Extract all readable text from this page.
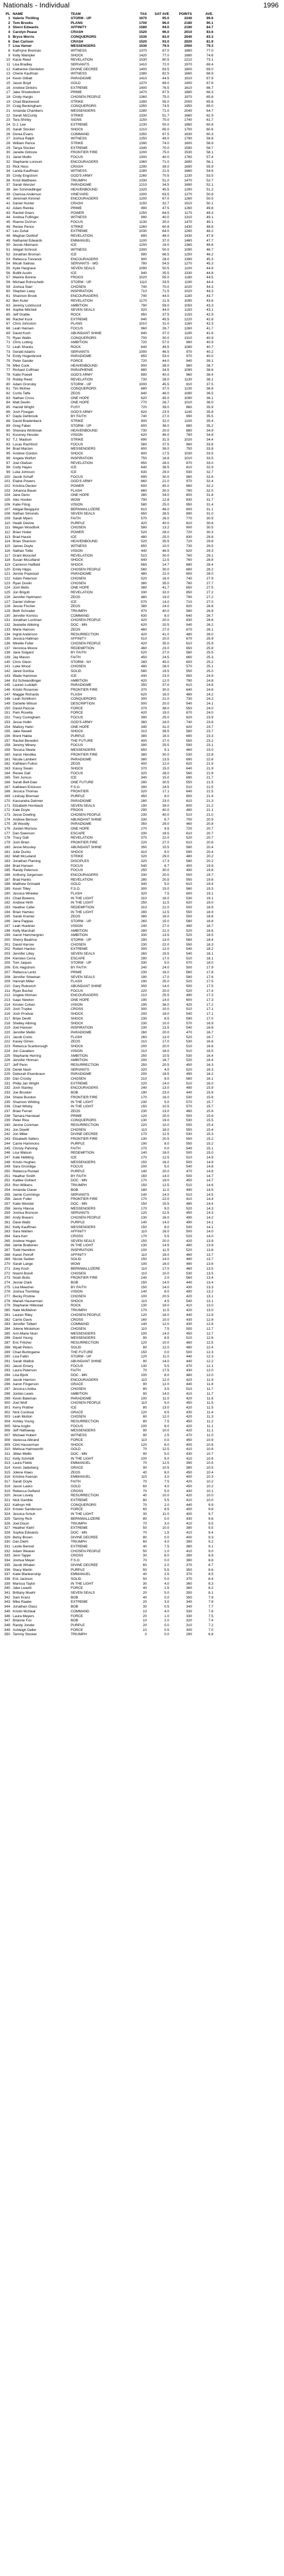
Nationals - Individual	1996
PL	NAME	TEAM	TAS	SAT AVE	POINTS	AVE.	
1	Valerie Thrilling	STORM - UP	1670	95.0	2240	99.6	
2	Tom Brooks	PLANS	1700	96.0	2180	90.1	
3	Sherri Edwards	AFFINITY	1580	94.0	2190	84.7	
4	Carolyn Pease	CRASH	1520	96.0	2010	83.6	
5	Bryce Morris	CONQUERORS	1530	83.0	2040	83.3	
6	Dan Carlson	CRASH	1520	93.0	2020	81.9	
7	Lisa Varner	MESSENGERS	1530	79.5	2000	79.3	
8	Kathryne Brennan	WITNESS	1370	87.0	1880	77.0	
9	Kelly Wampler	SHOCK	1420	77.0	1880	74.6	
10	Kacie Reed	REVELATION	1530	80.5	2210	73.1	
11	Lisa Bradley	SERVANTS	1410	72.0	1970	69.4	
12	Katherine Glentelon	DIVINE DECREE	1400	83.5	1800	69.0	
13	Cherie Kaufman	WITNESS	1380	82.5	1660	68.9	
14	Kevin Gilliatt	PARADIGME	1410	44.5	1910	67.9	
15	Jason Boyd	GOLD	1370	89.0	1900	67.6	
16	Andrew Dinkins	EXTREME	1400	76.5	1610	66.7	
17	Jake Shoebottom	PRIME	1470	87.5	1880	66.3	
18	Cindy Hargis	CHOSEN PEOPLE	1360	75.0	1970	65.8	
19	Chad Blackwood	STRIKE	1390	55.0	2000	65.6	
20	Craig Beckingham	CONQUERORS	1350	74.5	1950	65.0	
21	Amanda Chambers	MESSENGERS	1280	71.0	2040	64.7	
22	Sarah McCurdy	STRIKE	1330	51.7	1660	62.9	
23	Tera Shirley	SIGNS	1150	70.0	1740	61.7	
24	D.J. Lee	EXTREME	1230	50.0	1860	60.8	
25	Sarah Stocker	SHOCK	1210	65.0	1700	60.6	
26	Dorea Evans	COMMAND	1350	67.5	1630	60.3	
27	Joshua Ralph	WITNESS	1250	49.0	1790	59.8	
28	William Pence	STRIKE	1390	74.0	1600	58.9	
29	Tanya Stocker	EXTREME	1340	70.0	1590	58.7	
30	Janelle Gilmore	FRONTIER FIRE	1200	75.0	1530	58.1	
31	Janet Mullin	FOCUS	1300	40.0	1760	57.4	
32	Stephanie Lonnum	ENCOURAGERS	1360	71.0	1690	56.1	
33	Rick Hess	CRASH	1290	39.0	1690	55.9	
34	Landa Kauffman	WITNESS	1280	21.5	1660	54.6	
35	Cindy Engstrom	GOD'S ARMY	1260	70.5	1230	53.5	
36	Kristi Matthews	TRIUMPH	1330	51.0	1470	52.7	
37	Sarah Wenzel	PARADIGME	1210	34.5	1690	52.1	
38	Jen Schmeidlinger	HEAVENBOUND	1320	45.5	1290	51.2	
39	Clarissa Anderson	VINEYARD	1300	63.5	1270	50.8	
40	Jeremiah Kimmel	ENCOURAGERS	1200	67.0	1260	50.5	
41	Daniel Hunter	CRASH	1150	32.7	1510	50.1	
42	Adam Reinke	PRIME	990	47.5	1260	49.6	
43	Rachel Goers	POWER	1250	64.5	1170	49.3	
44	Andrea Fulfinger	WITNESS	990	40.0	1310	49.1	
45	Rianne DuVron	FOCUS	1130	30.0	1470	49.1	
46	Renee Pence	STRIKE	1260	60.8	1430	48.8	
47	Leo Zuhal	EXTREME	1030	64.0	1260	48.2	
48	Meghan DeWulf	REVELATION	890	48.0	1430	47.8	
49	Nathaniel Edwards	EMMANUEL	1100	37.0	1460	47.7	
50	Jessie Allemann	ICE	1200	19.0	1360	46.8	
51	Abigail Schrock	WITNESS	1300	50.0	1090	46.7	
52	Jonathan Broman	ICE	990	66.5	1250	46.2	
53	Rebecca Trevanck	ENCOURAGERS	900	28.0	1390	45.3	
54	Micah Salinas	SERVANTS - WD	780	54.5	1270	45.3	
55	Kylie Hargrave	SEVEN SEALS	1090	50.5	1100	44.9	
56	Bullitt Austin	ICE	940	35.5	1330	44.8	
57	Maxine Bonine	FROGS	1020	55.0	1180	44.5	
58	Michael Rohrscheib	STORM - UP	1110	33.5	1190	44.4	
59	Joshua Starr	CHOSEN	740	70.0	1020	44.3	
60	Stephen Lawy	INSPIRATION	710	71.5	1020	44.3	
61	Shannon Brook	ENCOURAGERS	740	44.0	1180	43.7	
62	Ben Kuter	REVELATION	1170	21.5	1090	43.6	
63	Jeremy Lickliscool	AMBITION	790	59.0	1050	43.3	
64	Sophie Mitchell	SEVEN SEALS	920	44.0	1150	43.1	
65	Jeff Grable	ROCK	950	37.5	1150	42.9	
66	Rachel Kuck	EXTREME	840	45.5	1220	42.8	
67	Chris Johnston	PLANS	1010	31.0	1160	42.3	
68	Leah Hansen	FOCUS	960	26.7	1260	41.7	
69	David Koch	ABUNDANT SHINE	840	37.0	1190	41.6	
70	Ryan Wallis	CONQUERORS	700	30.0	1310	40.9	
71	Chris Lutting	AMBITION	720	57.0	960	40.9	
72	Leah Shanks	ROCK	640	49.5	1080	40.7	
73	Gerald Adams	SERVANTS	1000	46.5	970	40.2	
74	Emily Hogenbrook	PARADIGME	850	53.0	970	40.0	
75	Peter Sander	FORCE	720	44.0	940	39.1	
76	Mike Cook	HEAVENBOUND	900	38.0	960	38.7	
77	Richard Coffman	PARAPHENIE	880	34.5	1090	38.6	
78	Katie Powell	GOD'S ARMY	890	40.0	960	38.4	
79	Robby Reed	REVELATION	730	28.0	1130	38.1	
80	Adam Gronsby	STORM - UP	1000	45.5	810	37.5	
81	Tim McKee	CONQUERORS	880	37.0	1130	36.8	
82	Curtis Taffe	ZEOS	840	46.0	1080	36.5	
83	Nathan Cross	ONE HOPE	620	45.0	1090	36.1	
84	Matt Devlin	ONE HOPE	770	26.7	1010	36.0	
85	Harold Wright	FUSY	720	39.0	860	35.9	
86	Josh Finegan	GOD'S ARMY	820	23.5	1140	35.8	
87	Dayle Dehbrook	BY FAITH	740	27.0	990	35.5	
88	David Bradenbeck	STRIKE	900	32.0	1100	35.4	
89	Greg Faber	STORM - UP	800	38.0	880	35.2	
90	Shenara Winbreak	HEAVENBOUND	730	20.0	880	34.9	
91	Kourney Hessler	VISION	620	46.0	780	34.8	
92	T.J. Madson	STRIKE	690	31.5	1020	34.4	
93	Lucas Rachford	FOCUS	560	37.5	960	33.8	
94	Brad Marzen	MESSENGERS	800	39.0	750	33.8	
95	Andrew Gordon	SHOCK	800	17.5	1030	33.5	
96	Angela Wolfurt	INSPIRATION	750	16.8	1010	33.5	
97	Joel Olafsen	REVELATION	650	26.0	870	33.0	
98	Cody Hayes	ICE	640	36.5	810	32.9	
99	Luke Johnson	ICE	630	29.0	930	32.7	
100	Jacob Schaff	FOCUS	690	30.0	960	32.6	
101	Elaine Powers	GOD'S ARMY	660	21.0	970	32.4	
102	Kristina Decker	POWER	600	45.0	860	32.2	
103	Johanna Bauer	FLASH	660	30.0	780	32.0	
104	Jane Deno	ONE HOPE	380	34.0	800	31.8	
105	Alec Hooker	WOW	790	12.8	830	31.7	
106	Katie Fitsig	VISION	580	25.0	950	31.4	
107	Abigail Bergquist	BERNWALLIZERE	610	46.0	600	31.1	
108	Nathan Simonds	SEVEN SEALS	650	28.5	890	31.0	
109	Sarah Myers	FAITH	570	26.0	770	30.9	
110	Heath Devine	PURPLE	420	40.0	810	30.6	
111	Megan Woodfork	CHOSEN	580	13.2	900	30.5	
112	Brian Hoder	POWER	520	28.0	720	30.3	
113	Brad Hauck	ICE	480	25.0	830	29.8	
114	Brian Shannon	HEAVENBOUND	520	35.5	720	29.8	
115	James Doyle	WITNESS	650	10.0	730	29.5	
116	Nathan Tollie	VISION	440	46.5	620	29.3	
117	Grant Moncrief	REVELATION	510	30.0	760	29.1	
118	Susan McLelland	SHOCK	640	12.5	760	28.8	
119	Cameron Hatfield	SHOCK	560	14.7	880	28.4	
120	Emily Hipps	CHOSEN PEOPLE	560	30.0	680	28.2	
121	Jennie Popwood	PARADIGME	480	22.0	800	28.0	
122	Adam Peterson	CHOSEN	520	16.0	740	27.9	
123	Ryan Doolin	CHOSEN	380	35.0	780	27.7	
124	Josh Betts	ONE HOPE	380	41.7	650	27.5	
125	Jon Brigott	REVELATION	330	32.0	850	27.2	
126	Jennifer Harlmann	ZEOS	480	19.0	790	27.2	
127	Daniel Vollmer	ICE	570	14.0	710	27.0	
128	Jessie Fischer	ZEOS	380	24.0	820	26.8	
129	Beth Schrader	TRIUMPH	470	40.0	580	26.8	
130	Jennifer Korniss	COMMAND	630	8.0	640	26.7	
131	Jonathan Lustman	CHOSEN PEOPLE	420	20.0	830	26.6	
132	Jeanette Abbring	DOC - MN	620	20.5	540	26.2	
133	Marie Hanson	ZEOS	460	27.0	670	26.1	
134	Ingrid Anderson	RESURRECTION	420	41.0	480	26.0	
135	Jessica Hallman	AFFINITY	510	20.0	670	25.9	
136	Mireille Fuller	CHOSEN PEOPLE	420	35.0	610	25.9	
137	Veronica Moore	REDEMPTION	460	23.0	650	25.8	
138	Jane Solgard	BY FAITH	520	27.0	560	25.5	
139	Jay Mason	FAITH	450	24.5	660	25.3	
140	Chris Glenn	STORM - NY	280	45.0	600	25.2	
141	Luke Wood	CHOSEN	480	28.0	570	25.1	
142	Jared Gortiza	SOLID	580	19.5	550	25.0	
143	Wade Hammon	ICE	430	23.0	650	24.9	
144	Ed Schwandtinger	AMBITION	420	12.0	790	24.8	
145	Lauren Ludolph	PARADIGME	350	37.0	610	24.6	
146	Kristin Rosenow	FRONTIER FIRE	370	30.0	640	24.6	
147	Maggie Richards	FLASH	620	16.0	480	24.2	
148	Leah Schilhorn	CONQUERORS	300	21.0	730	24.2	
149	Danielle Wilson	DESCRIPTION	500	20.0	540	24.1	
150	David Pascoe	FORCE	370	38.0	550	24.0	
151	Pam Rosella	FORCE	420	19.0	670	24.0	
152	Tracy Cuningham	FOCUS	390	25.0	620	23.9	
153	Jesse Hollin	GOD'S ARMY	360	16.0	740	23.8	
154	Mallory Hahn	ONE HOPE	340	31.0	620	23.7	
155	Jake Newell	SHOCK	310	39.5	580	23.7	
156	Brent Hakke	PURPLE	380	16.0	690	23.3	
157	Rachel Benedict	THE FUTURE	400	27.0	550	23.2	
158	Jeremy Minery	FOCUS	390	25.5	590	23.1	
159	Tessica Steele	MESSENGERS	650	9.1	460	23.0	
160	Aaron Hendika	FRONTIER FIRE	380	30.0	530	22.8	
161	Nicole Lambert	PARADIGME	380	13.5	690	22.6	
162	Kathleen Fulton	ZEOS	400	12.0	620	21.9	
163	Kassy Swain	SHOCK	370	15.0	640	21.9	
164	Renee Gall	FOCUS	320	28.0	560	21.8	
165	Tom Juncus	ICE	340	15.0	690	21.7	
166	Sarah Bell-Daw	ONE FUTURE	280	30.5	550	21.5	
167	Kathleen Erickson	F.S.O.	390	24.5	510	21.5	
168	Jessica Thomas	FRONTIER	320	17.1	640	21.5	
169	Lindsay Brennan	PURPLE	450	8.0	600	21.4	
170	Kassandra Dahmer	PARADIGME	280	23.0	610	21.3	
171	Elizabeth Hornback	SEVEN SEALS	190	39.0	600	21.2	
172	Kate Doyle	FROGS	290	40.0	480	21.1	
173	Jesse Dowling	CHOSEN PEOPLE	230	40.0	510	21.0	
174	Andrew Benson	ABUNDANT SHINE	330	6.7	700	20.9	
175	Jill Woodly	PARADIGME	350	29.0	460	20.8	
176	Jordan Morisou	ONE HOPE	270	9.5	720	20.7	
177	Dan Swenson	ESCAPE	330	18.5	610	20.7	
178	Tracy Gall	REVELATION	370	22.0	520	20.7	
179	Josh Brien	FRONTIER FIRE	220	27.0	610	20.6	
180	Jesse Mossley	ABUNDANT SHINE	350	15.5	580	20.4	
181	Julie Dunks	SHOCK	410	9.0	590	20.4	
182	Matt McLeland	STRIKE	320	29.0	480	20.2	
183	Jonathan Flaming	DISCIPLES	320	17.3	580	20.2	
184	Brad Hansen	FOCUS	540	6.7	400	19.9	
185	Randy Peterson	FOCUS	250	30.0	490	19.8	
186	Anthony Jorgensen	ENCOURAGERS	330	20.0	500	19.7	
187	Brad Hanks	REVELATION	280	20.5	550	19.6	
188	Matthew Grimaldi	GOLD	340	5.0	610	19.4	
189	Kevin Tilley	F.S.O.	300	15.0	560	19.3	
190	Jessica Wheeler	FLASH	320	7.5	600	19.1	
191	Chad Bowens	IN THE LIGHT	310	16.0	530	19.1	
192	Andrew Hirth	IN THE LIGHT	250	11.5	620	19.0	
193	Heather Cafer	REDEMPTION	310	21.0	500	18.9	
194	Brian Hartsko	IN THE LIGHT	280	12.5	550	18.9	
195	Sarah Kramer	ZEOS	380	16.0	500	18.8	
196	Jana Pappas	STORM - UP	260	15.0	580	18.8	
197	Leah Huebner	VISION	240	27.0	490	18.7	
198	Kelly Marshall	AMBITION	280	21.0	520	18.6	
199	Aaron Hammergren	AMBITION	330	13.5	520	18.5	
200	Sherry Beatrice	STORM - UP	290	13.0	560	18.4	
201	David Harrow	CHOSEN	230	22.0	550	18.3	
202	Robert Hanlon	EXTREME	300	12.0	540	18.2	
203	Jennifer Lilley	SEVEN SEALS	260	15.5	540	18.1	
204	Kiersten Cerra	ESCAPE	290	17.0	510	18.1	
205	Tom Jaques	STORM - UP	330	5.0	570	18.0	
206	Eric Hagstrom	BY FAITH	240	24.0	500	17.9	
207	Rebecca Lentz	PRIME	230	16.0	560	17.8	
208	Jennifer Sheehan	SEVEN SEALS	190	17.0	580	17.6	
209	Hannah Miller	FLASH	190	25.0	520	17.5	
210	Gary Rubovich	ABUNDANT SHINE	300	14.0	500	17.5	
211	Ryan Bucher	FOCUS	220	20.0	520	17.4	
212	Angela Hinman	ENCOURAGERS	210	25.5	490	17.3	
213	Isaac Newton	ONE HOPE	190	14.0	600	17.3	
214	Kirsten Cohen	VISION	190	36.0	420	17.2	
215	Josh Trupke	CROSS	300	10.0	510	17.1	
216	Josh Prodvar	SHOCK	200	18.0	540	17.1	
217	Brian Devitt	SHOCK	230	8.5	590	17.0	
218	Shelley Albring	SHOCK	230	10.0	570	16.9	
219	Joel Hansen	INSPIRATION	230	13.5	540	16.8	
220	Jennifer Mellin	PARADIGME	260	20.0	470	16.7	
221	Jacob Coots	FLASH	260	13.0	520	16.7	
222	Kasey Gimes	ZEOS	210	17.0	530	16.6	
223	Rebecca Scarborough	SHOCK	200	20.0	510	16.6	
224	Jon Cavallaro	VISION	210	18.0	510	16.5	
225	Stephanie Herring	AMBITION	250	10.5	530	16.4	
226	Jennifer Hinman	AMBITION	200	16.7	520	16.4	
227	Jeff Penn	RESURRECTION	250	20.5	450	16.3	
228	Derek Nash	SERVANTS	320	4.0	520	16.3	
229	Deborah Eisenbraun	PARADIGME	200	18.5	490	16.2	
230	Dan Crosby	CHOSEN	210	9.0	560	16.1	
231	Philip Jan Wright	EXTREME	220	14.0	510	16.0	
232	Josh Stanley	ENCOURAGERS	240	13.0	490	15.9	
233	Joe Brooker	BOB	190	23.0	440	15.9	
234	Shane Bundon	FRONTIER FIRE	170	16.0	530	15.8	
235	Shannon Whiting	IN THE LIGHT	230	5.0	570	15.7	
236	Chad Wilsby	IN THE LIGHT	150	10.5	570	15.7	
237	Brian Ferrari	ZEOS	230	13.0	480	15.6	
238	Tamara Harstead	PRIME	120	25.0	500	15.6	
239	Peter Rice	CONQUERORS	130	19.0	530	15.5	
240	Jenine Coreman	RESURRECTION	220	10.0	500	15.4	
241	Jon Dewitt	CHOSEN	110	18.0	550	15.4	
242	Jon Miller	DIVINE DECREE	170	12.5	530	15.3	
243	Elizabeth Sellers	FRONTIER FIRE	130	20.5	500	15.2	
244	Carrie Hammons	PURPLE	190	8.0	550	15.2	
245	Christy Pahning	FAITH	270	0.0	540	15.1	
246	Lisa Walson	REDEMPTION	140	18.0	500	15.0	
247	Kate Helbling	ICE	170	12.5	510	14.9	
248	Kristin Hughes	MESSENGERS	150	16.0	500	14.9	
249	Sara Grondiga	FOCUS	200	5.0	540	14.8	
250	Rebecca Rustad	PURPLE	140	20.0	470	14.8	
251	Heather Smith	BY FAITH	160	14.0	500	14.7	
252	Kaitlee Gohlert	DOC - MN	170	19.0	450	14.7	
253	Ron Wilkens	TRIUMPH	150	12.5	510	14.6	
254	Amanda Claver	BOB	180	11.0	490	14.5	
255	Jamie Cummings	SERVANTS	140	14.0	510	14.5	
256	Jason Fuller	FRONTIER FIRE	170	22.0	410	14.4	
257	Katie Wendal	DOC - MN	150	15.5	480	14.4	
258	Jenny Hlavsa	MESSENGERS	170	9.0	520	14.3	
259	Joshua Bronson	SERVANTS	120	22.5	450	14.3	
260	Andy Bowers	CHOSEN PEOPLE	130	16.0	490	14.2	
261	Dave Waltz	PURPLE	140	14.0	490	14.1	
262	Kelly Kauffman	MESSENGERS	150	8.0	530	14.1	
263	Sara Wahlen	AFFINITY	110	16.0	500	14.0	
264	Sara Kerr	CROSS	170	5.5	520	14.0	
265	Andrew Hogen	SEVEN SEALS	150	20.0	420	13.9	
266	Jamie Brabenec	IN THE LIGHT	130	14.5	480	13.8	
267	Todd Hamilton	INSPIRATION	100	11.5	520	13.8	
268	Karen Petroff	AFFINITY	110	18.0	460	13.7	
269	Nicole Seiden	SOLID	150	14.0	460	13.7	
270	Sarah Lange	WOW	100	16.0	490	13.6	
271	Joey Koch	BERNWALLIZERE	110	17.0	460	13.5	
272	Noemi Borell	CHOSEN	110	10.0	530	13.5	
273	Noah Butts	FRONTIER FIRE	140	2.0	560	13.4	
274	Jessie Clark	BOB	150	14.0	440	13.4	
275	Lisa Meecher	BY FAITH	150	14.0	430	13.3	
276	Joshua Tremblay	VISION	140	8.0	490	13.2	
277	Becky Pristine	CHOSEN	100	20.5	420	13.1	
278	Mariah Hauserman	SHOCK	110	4.5	540	13.1	
279	Stephanie Hillestad	ROCK	130	19.0	410	13.0	
280	Nate McMahon	TRIUMPH	170	11.5	420	13.0	
281	Lauren Riley	CHOSEN PEOPLE	120	16.0	440	12.9	
282	Carrie Davis	CROSS	160	10.0	430	12.8	
283	Jennifer Tolbert	COMMAND	140	12.0	430	12.8	
284	Jolene Mickelson	CHOSEN	110	7.5	500	12.7	
285	Ann-Marie Nisin	MESSENGERS	100	14.0	450	12.7	
286	David Young	MESSENGERS	90	8.5	510	12.6	
287	Eric Fritcher	RESURRECTION	120	10.0	460	12.5	
288	Wyatt Peters	SOLID	80	12.0	480	12.4	
289	Chad Burlingame	THE FUTURE	150	0.0	500	12.3	
290	Lisa Faltin	STORM - UP	120	11.0	440	12.3	
291	Sarah Wallick	ABUNDANT SHINE	90	14.0	440	12.2	
292	Jason Emery	FOCUS	130	5.5	470	12.1	
293	Laura Peterson	FAITH	70	17.5	430	12.0	
294	Lisa Bjork	DOC - MN	100	8.0	480	12.0	
295	Jacob Harmon	ENCOURAGERS	110	12.0	420	11.9	
296	Aaron Fingerson	GRACE	90	12.0	440	11.8	
297	Jessica Lhotka	CHOSEN	80	3.5	510	11.7	
298	Jordan Lewis	AMBITION	90	14.0	410	11.7	
299	Kevin Bateman	PARADIGME	100	11.0	420	11.6	
300	Joel Wolf	CHOSEN PEOPLE	110	5.0	450	11.5	
301	Kerry Prather	ICE	80	13.0	420	11.5	
302	Nick Cordova	GRACE	120	6.5	430	11.4	
303	Leah Mutton	CHOSEN	80	12.0	420	11.3	
304	Ashley Young	RESURRECTION	80	7.5	450	11.2	
305	Nina Anglin	FOCUS	100	8.0	420	11.1	
306	Jeff Hathaway	MESSENGERS	90	10.0	420	11.1	
307	Michael Hubert	WITNESS	90	2.5	470	11.0	
308	Vanessa Albrand	FORCE	110	0.0	450	10.9	
309	Clint Hauserman	SHOCK	120	6.0	400	10.8	
310	Melissa Hainsworth	GOLD	70	12.5	410	10.8	
311	Jillian Mellin	DOC - MN	90	5.0	430	10.7	
312	Kelly Schmidt	IN THE LIGHT	100	5.0	410	10.6	
313	Laura Fields	EMMANUEL	70	12.5	390	10.5	
314	Kevin Jaderberg	GRACE	90	10.5	380	10.5	
315	Jolene Klaes	ZEOS	40	8.0	450	10.4	
316	Kristine Keenan	EMMANUEL	110	3.0	400	10.3	
317	Sarah Doyle	FAITH	70	7.5	420	10.2	
318	Jason Lasko	GOLD	60	4.0	450	10.2	
319	Rebecca Gelfand	CROSS	70	5.0	430	10.1	
320	Jesse Lovely	RESURRECTION	40	10.0	420	10.0	
321	Nick Gamble	EXTREME	80	5.5	410	10.0	
322	Kathryn Hill	CONQUERORS	70	2.0	440	9.9	
323	Kristen Sanderson	FORCE	60	8.5	400	9.8	
324	Jessica Schuh	IN THE LIGHT	30	11.0	400	9.7	
325	Tammy Rich	BERNWALLIZERE	80	0.0	430	9.6	
326	Joel Dixon	TRIUMPH	70	3.0	410	9.5	
327	Heather Kiehl	EXTREME	50	10.0	380	9.5	
328	Sophia Edwards	DOC - MN	70	1.5	410	9.4	
329	Betsy Brown	DIVINE DECREE	80	0.0	400	9.3	
330	Dan Diehl	TRIUMPH	60	4.0	390	9.2	
331	Leslie Bennet	EXTREME	40	7.5	380	9.1	
332	Adam Weaver	CHOSEN PEOPLE	50	1.0	410	9.0	
333	Jenn Tappe	CROSS	30	6.0	390	8.9	
334	Joshua Meyer	F.S.O.	70	0.0	380	8.8	
335	Jacob Whalen	DIVINE DECREE	60	2.0	370	8.7	
336	Stacy Martin	PURPLE	50	5.5	350	8.6	
337	Katie Blankenship	EMMANUEL	40	2.5	370	8.5	
338	Eric Jackson	SOLID	50	0.0	370	8.4	
339	Marissa Taylor	IN THE LIGHT	30	4.0	360	8.3	
340	Jake Leavitt	FORCE	40	1.5	360	8.2	
341	Brittany Muehl	SEVEN SEALS	20	5.0	350	8.1	
342	Sam Kranz	BOB	40	0.0	350	7.9	
343	Mike Raabe	EXTREME	20	3.0	340	7.8	
344	Jonathan Glass	BOB	30	0.5	340	7.7	
345	Kristin McNeal	COMMAND	10	4.0	330	7.6	
346	Laura Meyers	FORCE	20	1.0	330	7.5	
347	Brianne Fox	BOB	10	2.0	320	7.4	
348	Randy Jonder	PURPLE	20	0.0	310	7.2	
349	Ashleigh Daller	FORCE	10	0.5	300	7.0	
350	Tammy Stocker	TRIUMPH	0	0.0	290	6.8	
